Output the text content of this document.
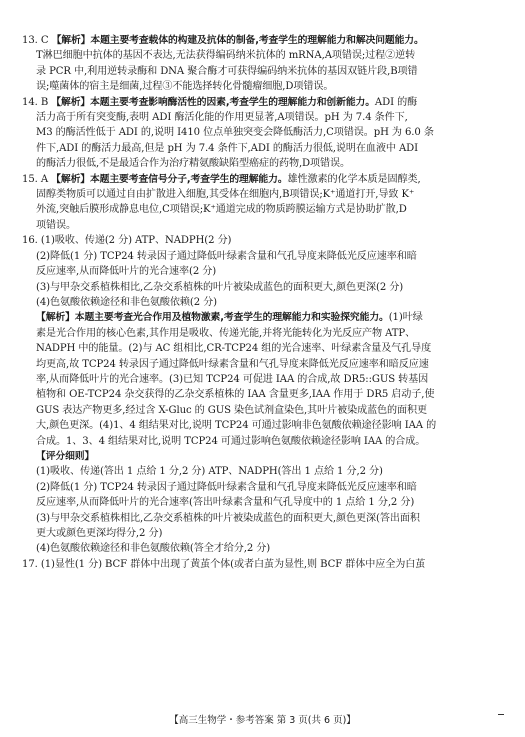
13. C 【解析】本题主要考查载体的构建及抗体的制备,考查学生的理解能力和解决问题能力。
T淋巴细胞中抗体的基因不表达,无法获得编码纳米抗体的 mRNA,A项错误;过程②逆转
录 PCR 中,利用逆转录酶和 DNA 聚合酶才可获得编码纳米抗体的基因双链片段,B项错
误;噬菌体的宿主是细菌,过程③不能选择转化骨髓瘤细胞,D项错误。
14. B 【解析】本题主要考查影响酶活性的因素,考查学生的理解能力和创新能力。ADI 的酶
活力高于所有突变酶,表明 ADI 酶活化能的作用更显著,A项错误。pH 为 7.4 条件下,
M3 的酶活性低于 ADI 的,说明 I410 位点单独突变会降低酶活力,C项错误。pH 为 6.0 条
件下,ADI 的酶活力最高,但是 pH 为 7.4 条件下,ADI 的酶活力很低,说明在血液中 ADI
的酶活力很低,不是最适合作为治疗精氨酸缺陷型癌症的药物,D项错误。
15. A 【解析】本题主要考查信号分子,考查学生的理解能力。雄性激素的化学本质是固醇类,
固醇类物质可以通过自由扩散进入细胞,其受体在细胞内,B项错误;K⁺通道打开,导致 K⁺
外流,突触后膜形成静息电位,C项错误;K⁺通道完成的物质跨膜运输方式是协助扩散,D
项错误。
16. (1)吸收、传递(2 分) ATP、NADPH(2 分)
(2)降低(1 分) TCP24 转录因子通过降低叶绿素含量和气孔导度来降低光反应速率和暗
反应速率,从而降低叶片的光合速率(2 分)
(3)与甲杂交系植株相比,乙杂交系植株的叶片被染成蓝色的面积更大,颜色更深(2 分)
(4)色氨酸依赖途径和非色氨酸依赖(2 分)
【解析】本题主要考查光合作用及植物激素,考查学生的理解能力和实验探究能力。(1)叶绿
素是光合作用的核心色素,其作用是吸收、传递光能,并将光能转化为光反应产物 ATP、
NADPH 中的能量。(2)与 AC 组相比,CR-TCP24 组的光合速率、叶绿素含量及气孔导度
均更高,故 TCP24 转录因子通过降低叶绿素含量和气孔导度来降低光反应速率和暗反应速
率,从而降低叶片的光合速率。(3)已知 TCP24 可促进 IAA 的合成,故 DR5::GUS 转基因
植物和 OE-TCP24 杂交获得的乙杂交系植株的 IAA 含量更多,IAA 作用于 DR5 启动子,使
GUS 表达产物更多,经过含 X-Gluc 的 GUS 染色试剂盒染色,其叶片被染成蓝色的面积更
大,颜色更深。(4)1、4 组结果对比,说明 TCP24 可通过影响非色氨酸依赖途径影响 IAA 的
合成。1、3、4 组结果对比,说明 TCP24 可通过影响色氨酸依赖途径影响 IAA 的合成。
【评分细则】
(1)吸收、传递(答出 1 点给 1 分,2 分) ATP、NADPH(答出 1 点给 1 分,2 分)
(2)降低(1 分) TCP24 转录因子通过降低叶绿素含量和气孔导度来降低光反应速率和暗
反应速率,从而降低叶片的光合速率(答出叶绿素含量和气孔导度中的 1 点给 1 分,2 分)
(3)与甲杂交系植株相比,乙杂交系植株的叶片被染成蓝色的面积更大,颜色更深(答出面积
更大或颜色更深均得分,2 分)
(4)色氨酸依赖途径和非色氨酸依赖(答全才给分,2 分)
17. (1)显性(1 分) BCF 群体中出现了黄茧个体(或者白茧为显性,则 BCF 群体中应全为白茧
【高三生物学・参考答案 第 3 页(共 6 页)】
